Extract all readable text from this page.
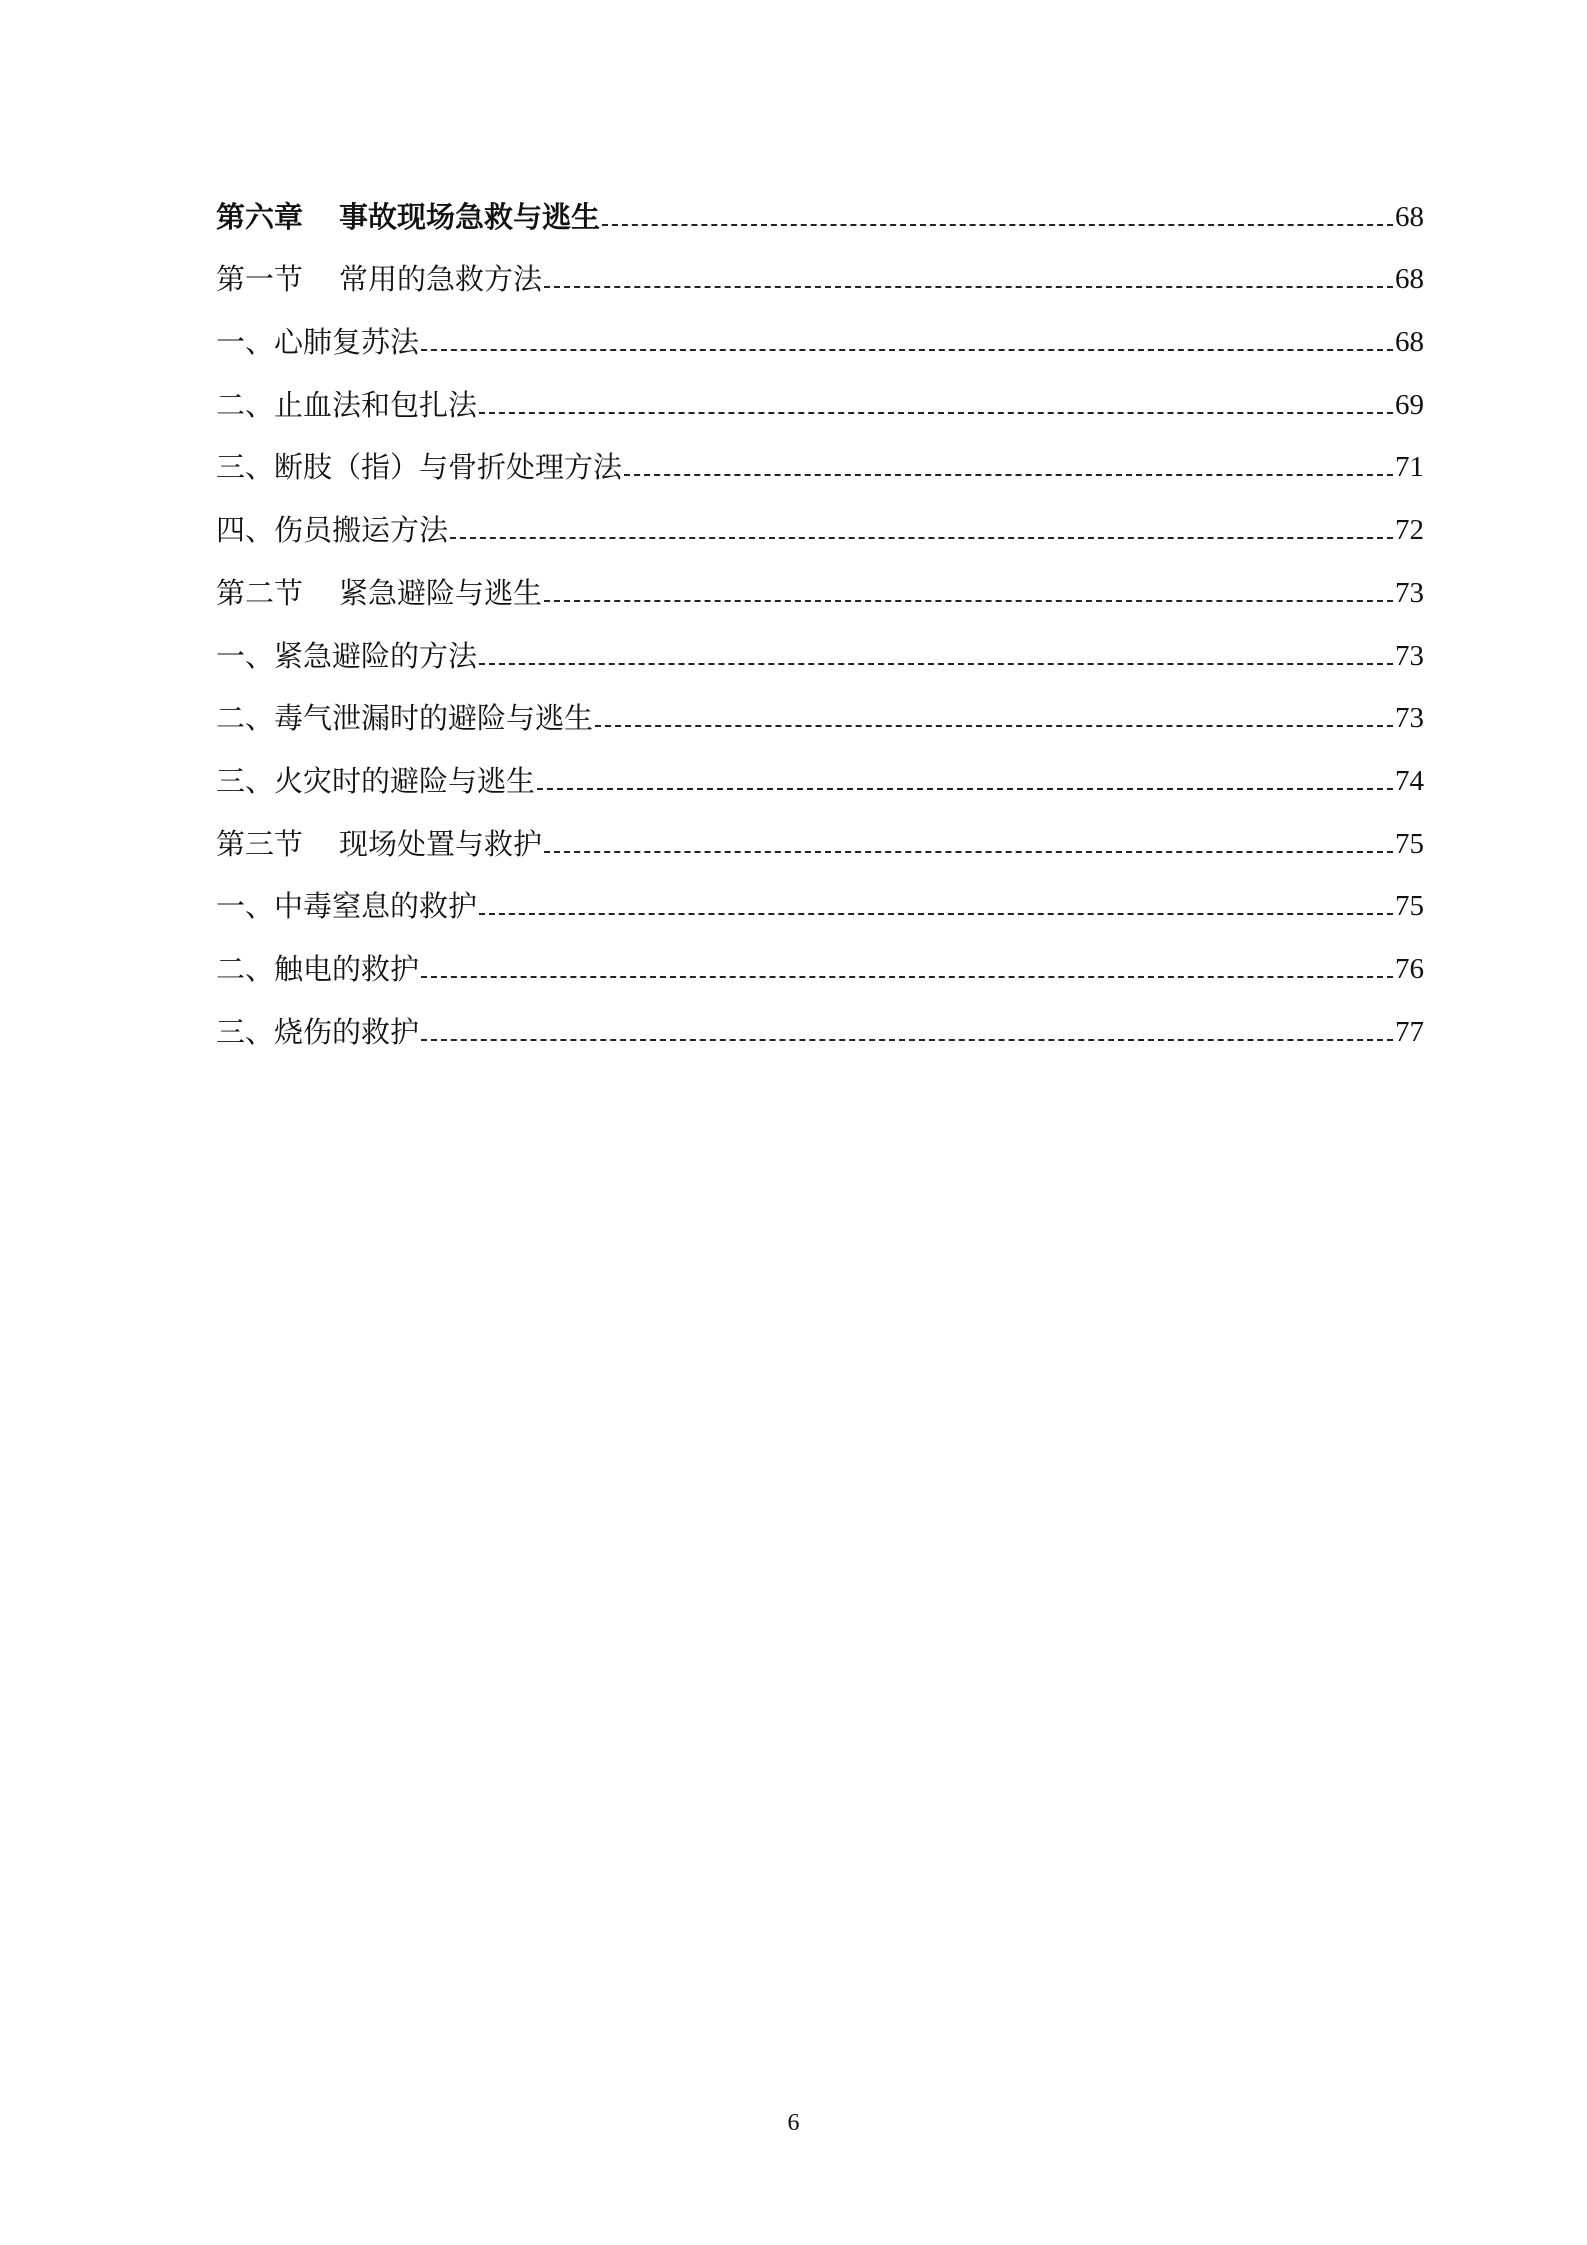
第六章 事故现场急救与逃生	68
第一节 常用的急救方法	68
一、心肺复苏法	68
二、止血法和包扎法	69
三、断肢（指）与骨折处理方法	71
四、伤员搬运方法	72
第二节 紧急避险与逃生	73
一、紧急避险的方法	73
二、毒气泄漏时的避险与逃生	73
三、火灾时的避险与逃生	74
第三节 现场处置与救护	75
一、中毒窒息的救护	75
二、触电的救护	76
三、烧伤的救护	77
6
